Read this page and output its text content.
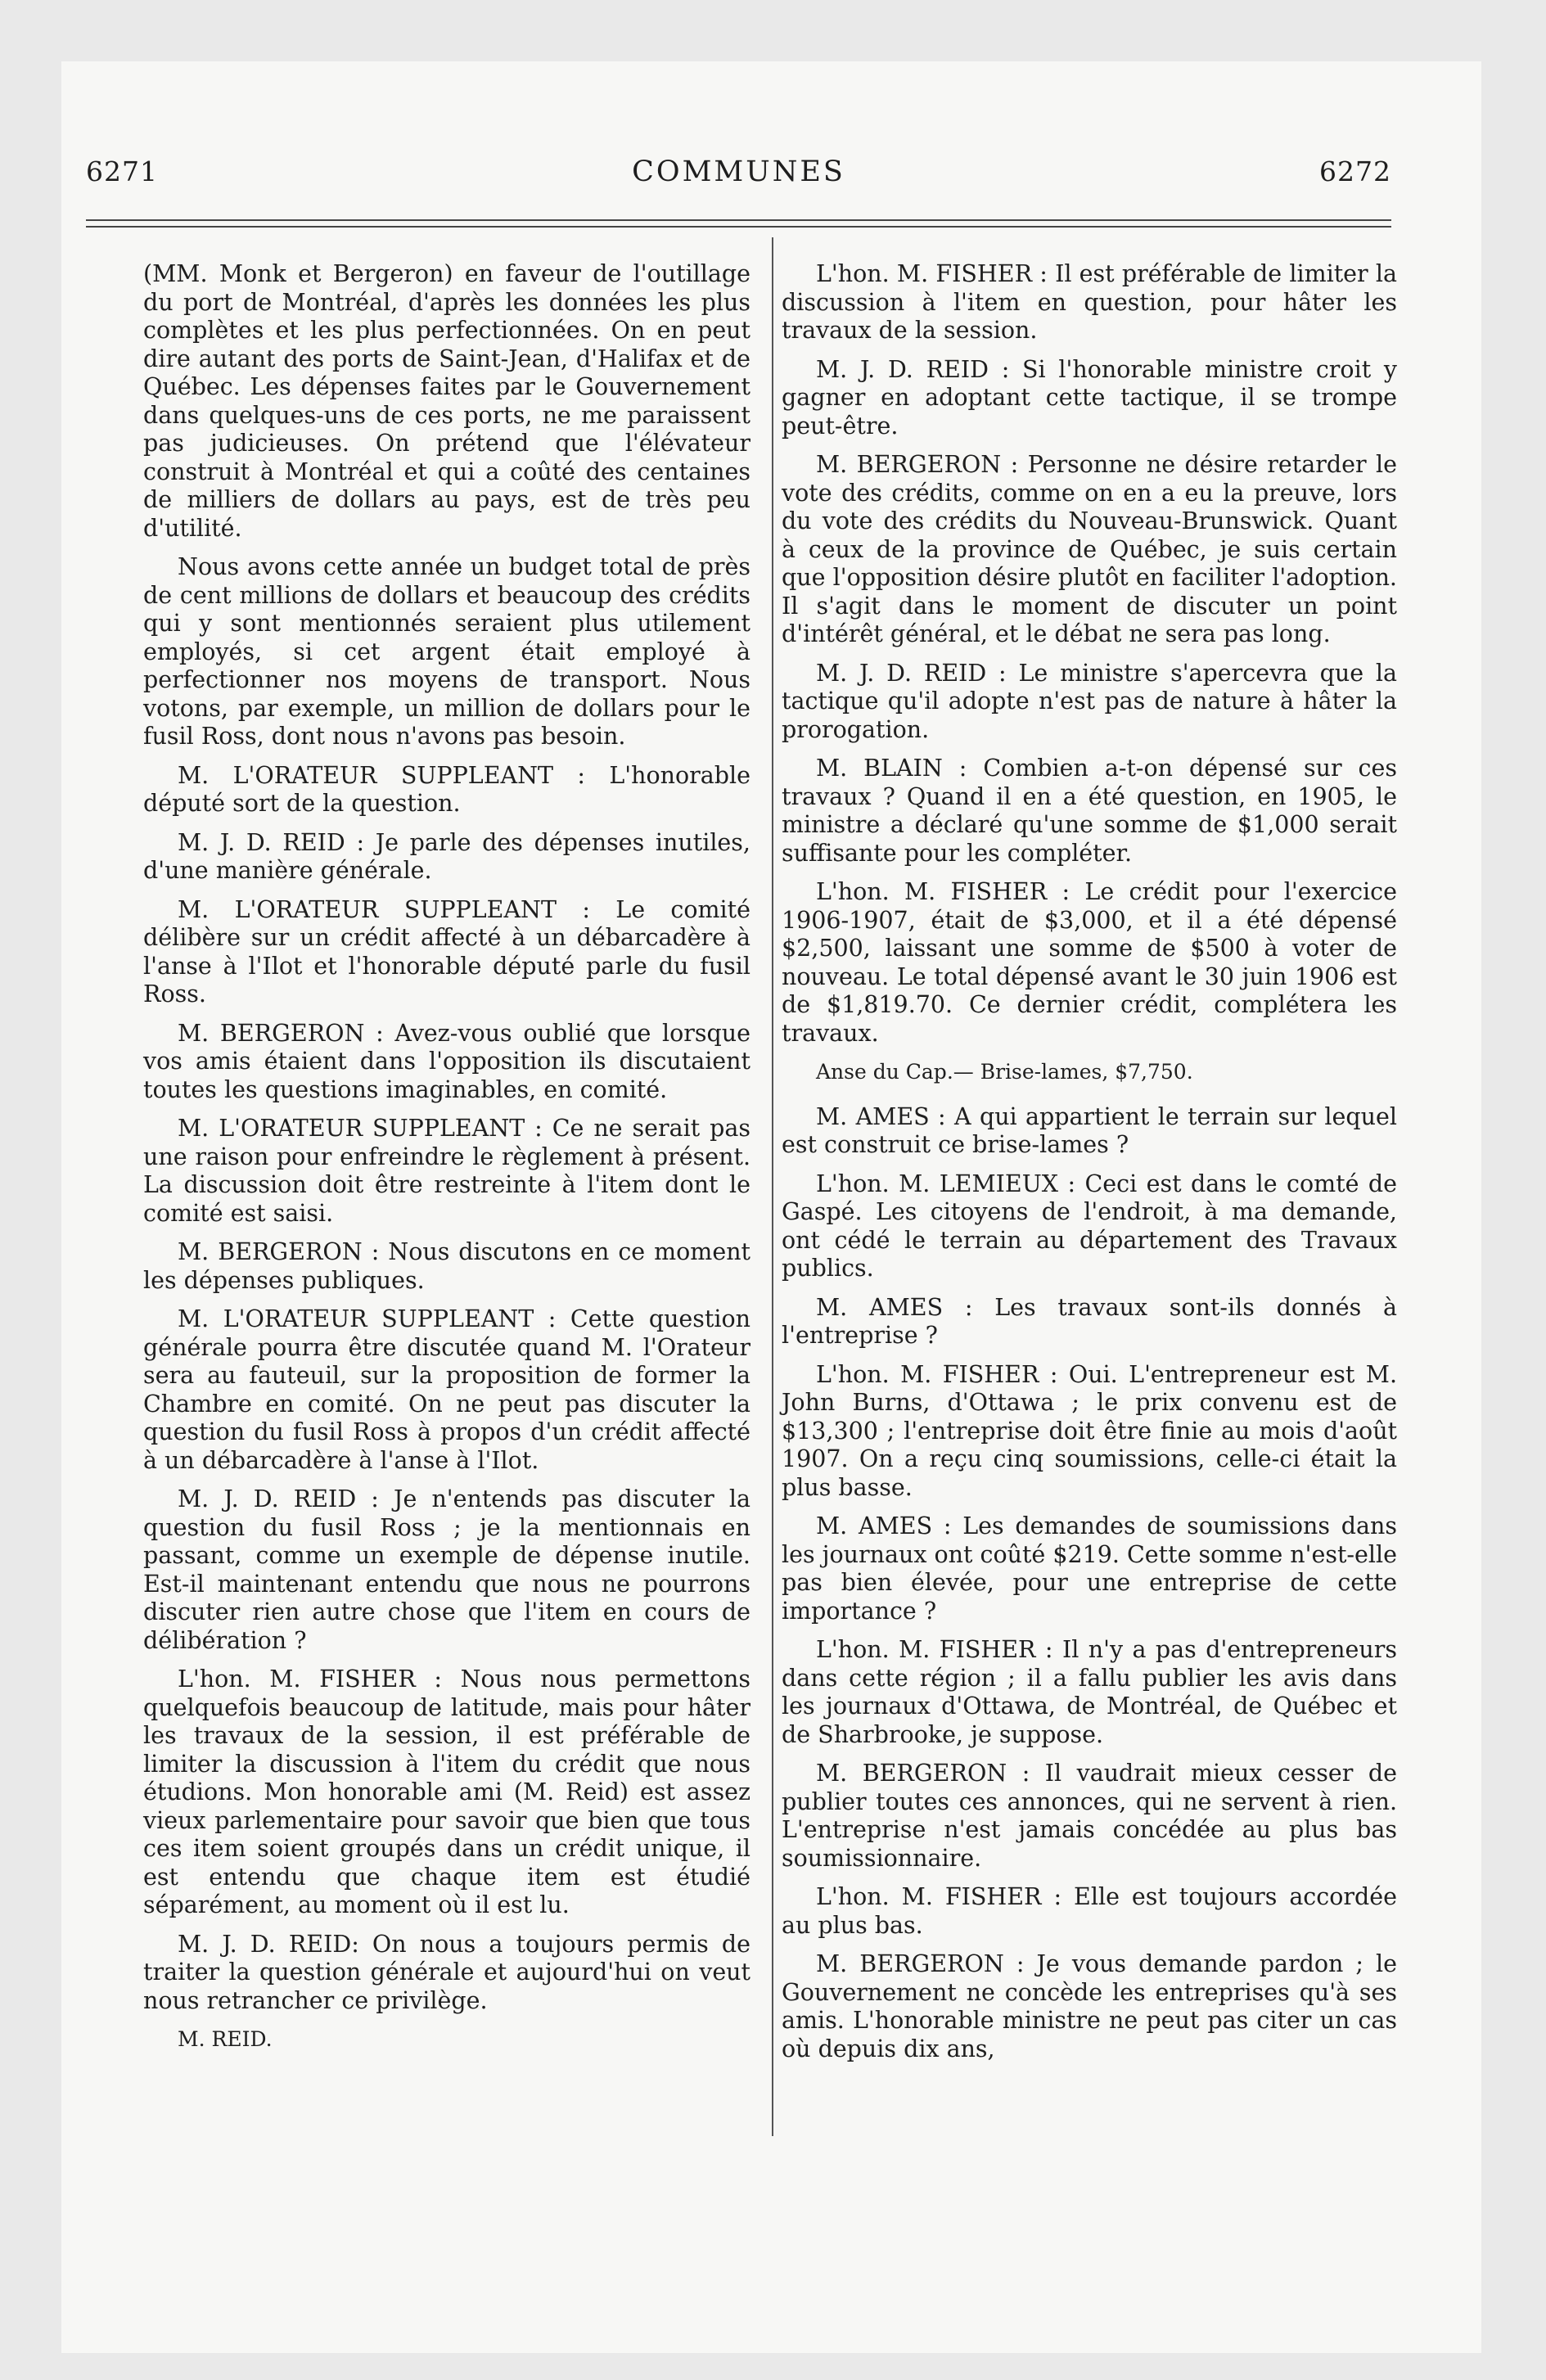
6271	COMMUNES	6272

(MM. Monk et Bergeron) en faveur de l'outillage du port de Montréal, d'après les données les plus complètes et les plus perfectionnées. On en peut dire autant des ports de Saint-Jean, d'Halifax et de Québec. Les dépenses faites par le Gouvernement dans quelques-uns de ces ports, ne me paraissent pas judicieuses. On prétend que l'élévateur construit à Montréal et qui a coûté des centaines de milliers de dollars au pays, est de très peu d'utilité.

Nous avons cette année un budget total de près de cent millions de dollars et beaucoup des crédits qui y sont mentionnés seraient plus utilement employés, si cet argent était employé à perfectionner nos moyens de transport. Nous votons, par exemple, un million de dollars pour le fusil Ross, dont nous n'avons pas besoin.

M. L'ORATEUR SUPPLEANT : L'honorable député sort de la question.

M. J. D. REID : Je parle des dépenses inutiles, d'une manière générale.

M. L'ORATEUR SUPPLEANT : Le comité délibère sur un crédit affecté à un débarcadère à l'anse à l'Ilot et l'honorable député parle du fusil Ross.

M. BERGERON : Avez-vous oublié que lorsque vos amis étaient dans l'opposition ils discutaient toutes les questions imaginables, en comité.

M. L'ORATEUR SUPPLEANT : Ce ne serait pas une raison pour enfreindre le règlement à présent. La discussion doit être restreinte à l'item dont le comité est saisi.

M. BERGERON : Nous discutons en ce moment les dépenses publiques.

M. L'ORATEUR SUPPLEANT : Cette question générale pourra être discutée quand M. l'Orateur sera au fauteuil, sur la proposition de former la Chambre en comité. On ne peut pas discuter la question du fusil Ross à propos d'un crédit affecté à un débarcadère à l'anse à l'Ilot.

M. J. D. REID : Je n'entends pas discuter la question du fusil Ross ; je la mentionnais en passant, comme un exemple de dépense inutile. Est-il maintenant entendu que nous ne pourrons discuter rien autre chose que l'item en cours de délibération ?

L'hon. M. FISHER : Nous nous permettons quelquefois beaucoup de latitude, mais pour hâter les travaux de la session, il est préférable de limiter la discussion à l'item du crédit que nous étudions. Mon honorable ami (M. Reid) est assez vieux parlementaire pour savoir que bien que tous ces item soient groupés dans un crédit unique, il est entendu que chaque item est étudié séparément, au moment où il est lu.

M. J. D. REID: On nous a toujours permis de traiter la question générale et aujourd'hui on veut nous retrancher ce privilège.

M. REID.

L'hon. M. FISHER : Il est préférable de limiter la discussion à l'item en question, pour hâter les travaux de la session.

M. J. D. REID : Si l'honorable ministre croit y gagner en adoptant cette tactique, il se trompe peut-être.

M. BERGERON : Personne ne désire retarder le vote des crédits, comme on en a eu la preuve, lors du vote des crédits du Nouveau-Brunswick. Quant à ceux de la province de Québec, je suis certain que l'opposition désire plutôt en faciliter l'adoption. Il s'agit dans le moment de discuter un point d'intérêt général, et le débat ne sera pas long.

M. J. D. REID : Le ministre s'apercevra que la tactique qu'il adopte n'est pas de nature à hâter la prorogation.

M. BLAIN : Combien a-t-on dépensé sur ces travaux ? Quand il en a été question, en 1905, le ministre a déclaré qu'une somme de $1,000 serait suffisante pour les compléter.

L'hon. M. FISHER : Le crédit pour l'exercice 1906-1907, était de $3,000, et il a été dépensé $2,500, laissant une somme de $500 à voter de nouveau. Le total dépensé avant le 30 juin 1906 est de $1,819.70. Ce dernier crédit, complétera les travaux.

Anse du Cap.— Brise-lames, $7,750.

M. AMES : A qui appartient le terrain sur lequel est construit ce brise-lames ?

L'hon. M. LEMIEUX : Ceci est dans le comté de Gaspé. Les citoyens de l'endroit, à ma demande, ont cédé le terrain au département des Travaux publics.

M. AMES : Les travaux sont-ils donnés à l'entreprise ?

L'hon. M. FISHER : Oui. L'entrepreneur est M. John Burns, d'Ottawa ; le prix convenu est de $13,300 ; l'entreprise doit être finie au mois d'août 1907. On a reçu cinq soumissions, celle-ci était la plus basse.

M. AMES : Les demandes de soumissions dans les journaux ont coûté $219. Cette somme n'est-elle pas bien élevée, pour une entreprise de cette importance ?

L'hon. M. FISHER : Il n'y a pas d'entrepreneurs dans cette région ; il a fallu publier les avis dans les journaux d'Ottawa, de Montréal, de Québec et de Sharbrooke, je suppose.

M. BERGERON : Il vaudrait mieux cesser de publier toutes ces annonces, qui ne servent à rien. L'entreprise n'est jamais concédée au plus bas soumissionnaire.

L'hon. M. FISHER : Elle est toujours accordée au plus bas.

M. BERGERON : Je vous demande pardon ; le Gouvernement ne concède les entreprises qu'à ses amis. L'honorable ministre ne peut pas citer un cas où depuis dix ans,
